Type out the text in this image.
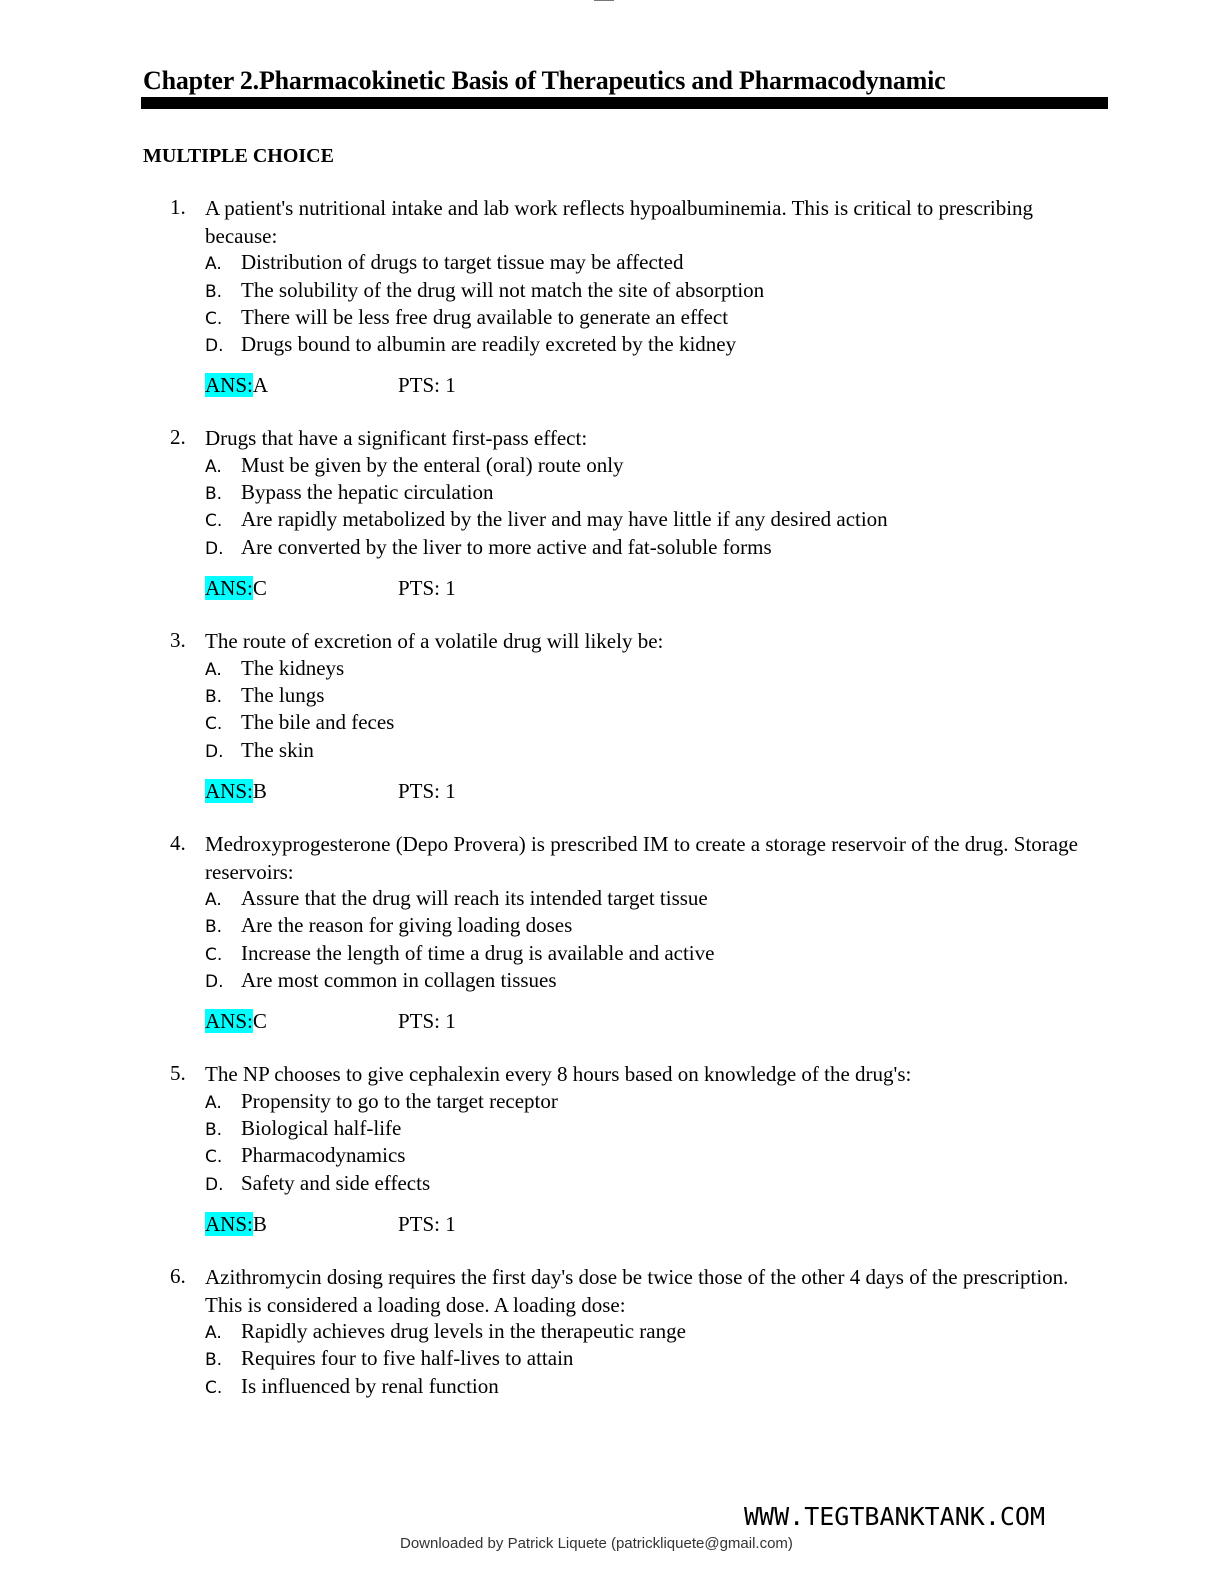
Chapter 2.Pharmacokinetic Basis of Therapeutics and Pharmacodynamic
MULTIPLE CHOICE
1. A patient's nutritional intake and lab work reflects hypoalbuminemia. This is critical to prescribing because:
A. Distribution of drugs to target tissue may be affected
B. The solubility of the drug will not match the site of absorption
C. There will be less free drug available to generate an effect
D. Drugs bound to albumin are readily excreted by the kidney
ANS:A	PTS: 1
2. Drugs that have a significant first-pass effect:
A. Must be given by the enteral (oral) route only
B. Bypass the hepatic circulation
C. Are rapidly metabolized by the liver and may have little if any desired action
D. Are converted by the liver to more active and fat-soluble forms
ANS:C	PTS: 1
3. The route of excretion of a volatile drug will likely be:
A. The kidneys
B. The lungs
C. The bile and feces
D. The skin
ANS:B	PTS: 1
4. Medroxyprogesterone (Depo Provera) is prescribed IM to create a storage reservoir of the drug. Storage reservoirs:
A. Assure that the drug will reach its intended target tissue
B. Are the reason for giving loading doses
C. Increase the length of time a drug is available and active
D. Are most common in collagen tissues
ANS:C	PTS: 1
5. The NP chooses to give cephalexin every 8 hours based on knowledge of the drug's:
A. Propensity to go to the target receptor
B. Biological half-life
C. Pharmacodynamics
D. Safety and side effects
ANS:B	PTS: 1
6. Azithromycin dosing requires the first day's dose be twice those of the other 4 days of the prescription. This is considered a loading dose. A loading dose:
A. Rapidly achieves drug levels in the therapeutic range
B. Requires four to five half-lives to attain
C. Is influenced by renal function
WWW.TEGTBANKTANK.COM
Downloaded by Patrick Liquete (patrickliquete@gmail.com)
